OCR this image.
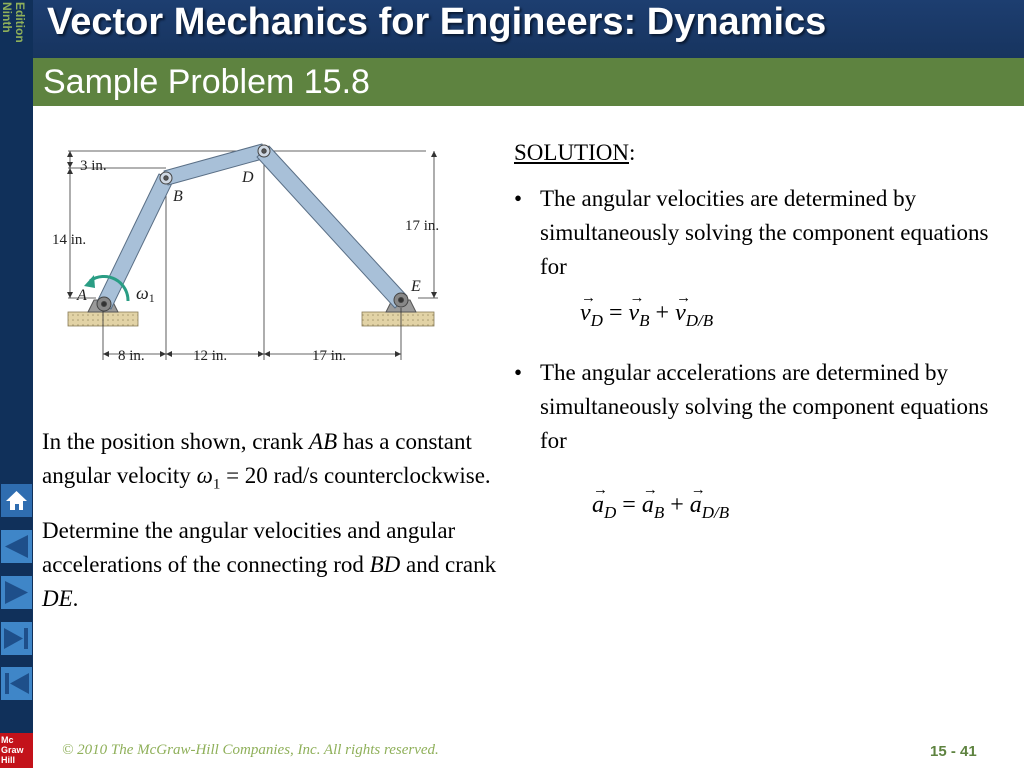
Ninth Edition Vector Mechanics for Engineers: Dynamics
Sample Problem 15.8
3 in.
14 in.
17 in.
8 in.	12 in.	17 in.
A
B
D
E
ω1

In the position shown, crank AB has a constant angular velocity $\omega_1 = 20$ rad/s counterclockwise.

Determine the angular velocities and angular accelerations of the connecting rod BD and crank DE.

SOLUTION:
• The angular velocities are determined by simultaneously solving the component equations for
→ $v_D$ = → $v_B$ + → $v_{D/B}$
• The angular accelerations are determined by simultaneously solving the component equations for
→ $a_D$ = → $a_B$ + → $a_{D/B}$
Mc
Graw
Hill
© 2010 The McGraw-Hill Companies, Inc. All rights reserved.	15 - 41
